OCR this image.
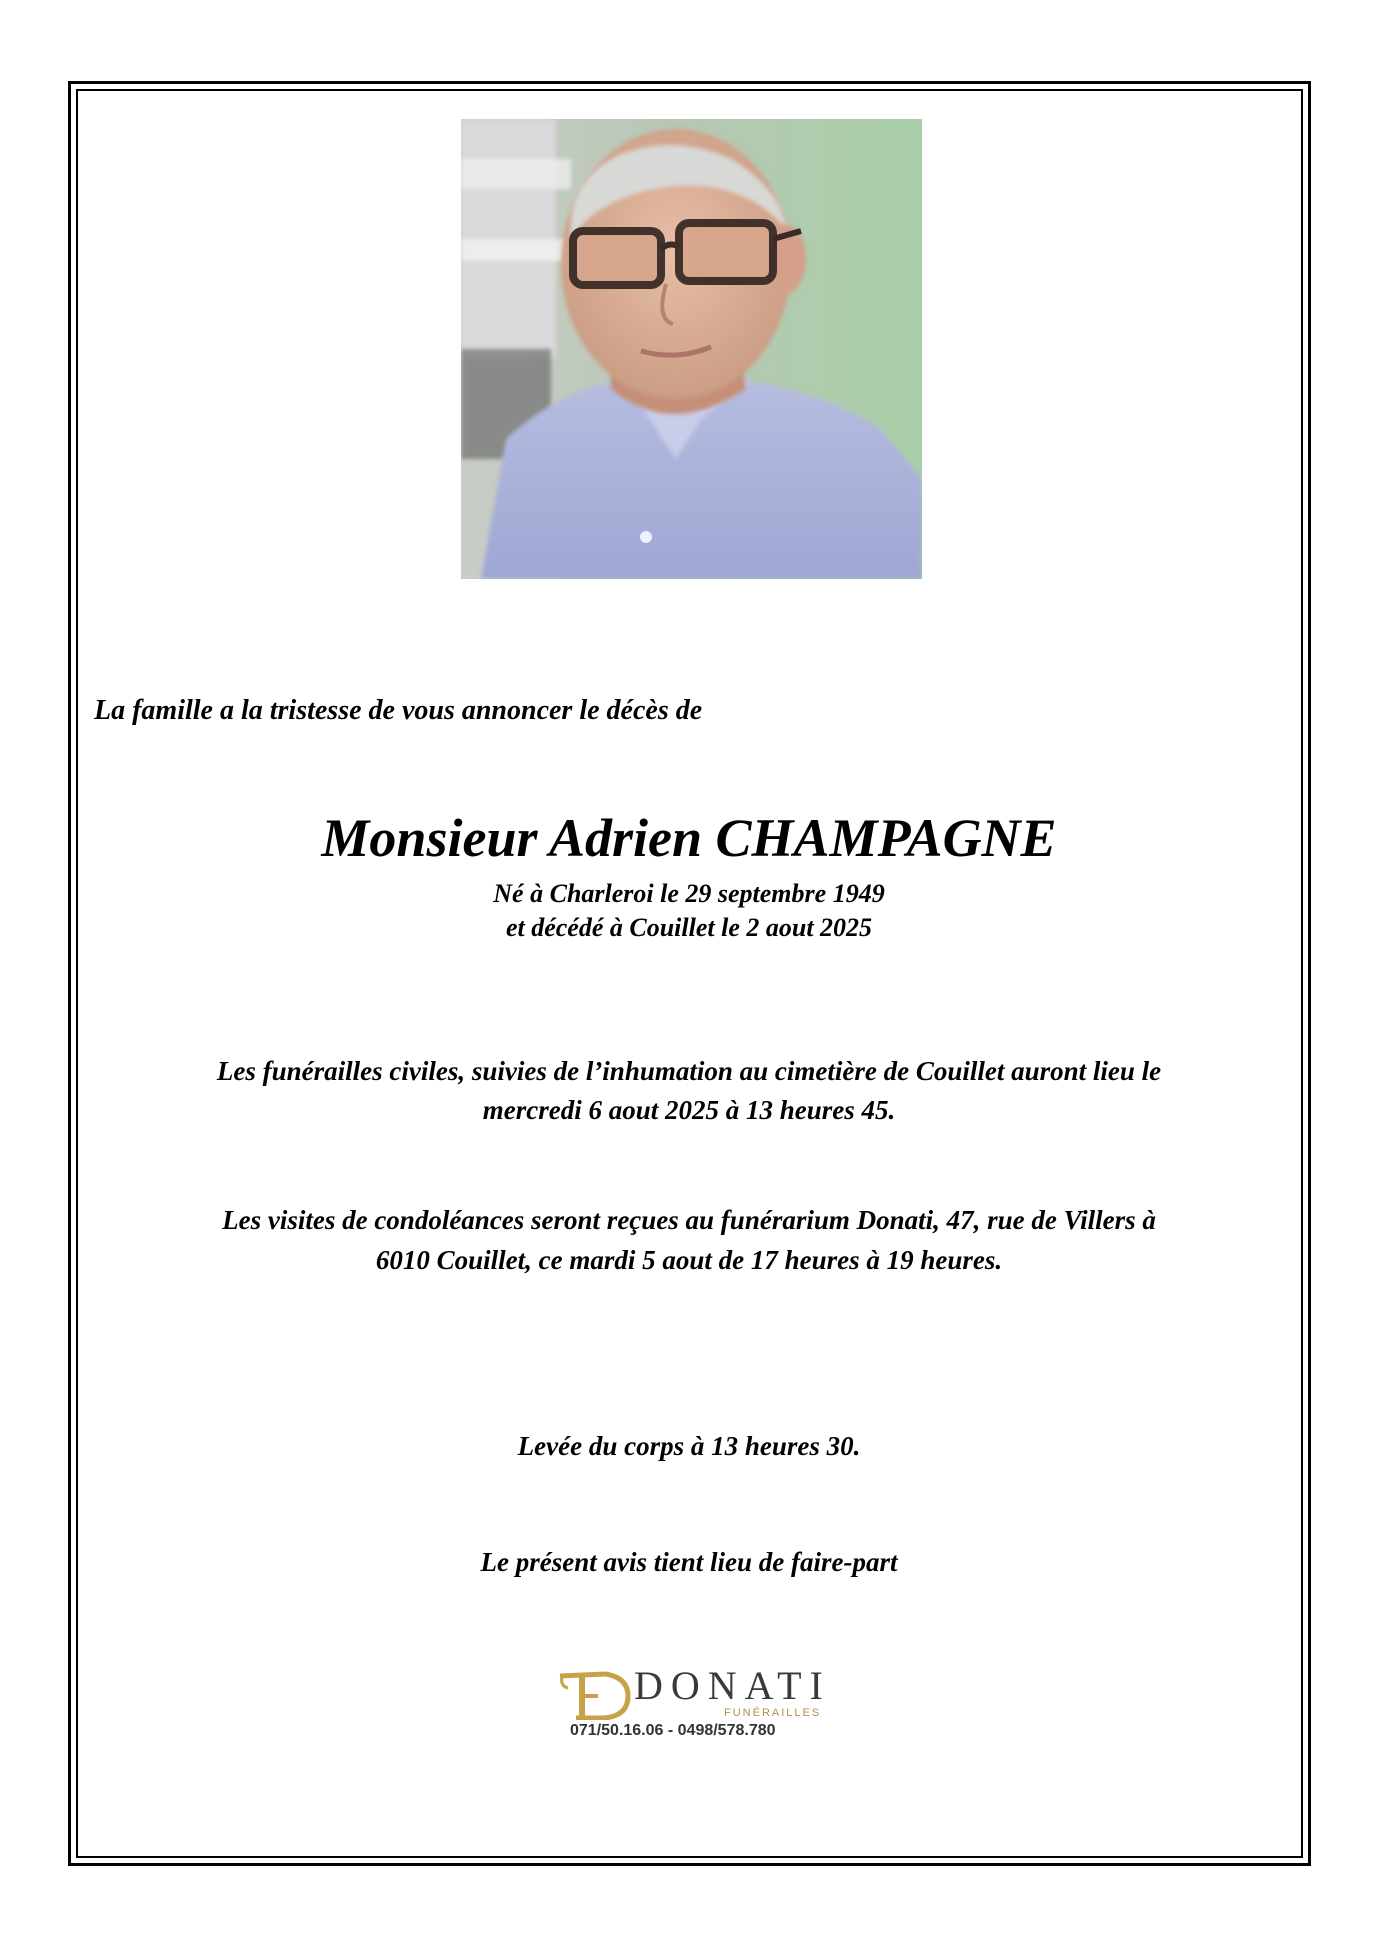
La famille a la tristesse de vous annoncer le décès de

Monsieur Adrien CHAMPAGNE

Né à Charleroi le 29 septembre 1949

et décédé à Couillet le 2 aout 2025

Les funérailles civiles, suivies de l’inhumation au cimetière de Couillet auront lieu le

mercredi 6 aout 2025 à 13 heures 45.

Les visites de condoléances seront reçues au funérarium Donati, 47, rue de Villers à

6010 Couillet, ce mardi 5 aout de 17 heures à 19 heures.

Levée du corps à 13 heures 30.

Le présent avis tient lieu de faire-part

DONATI
FUNÉRAILLES
071/50.16.06 - 0498/578.780
